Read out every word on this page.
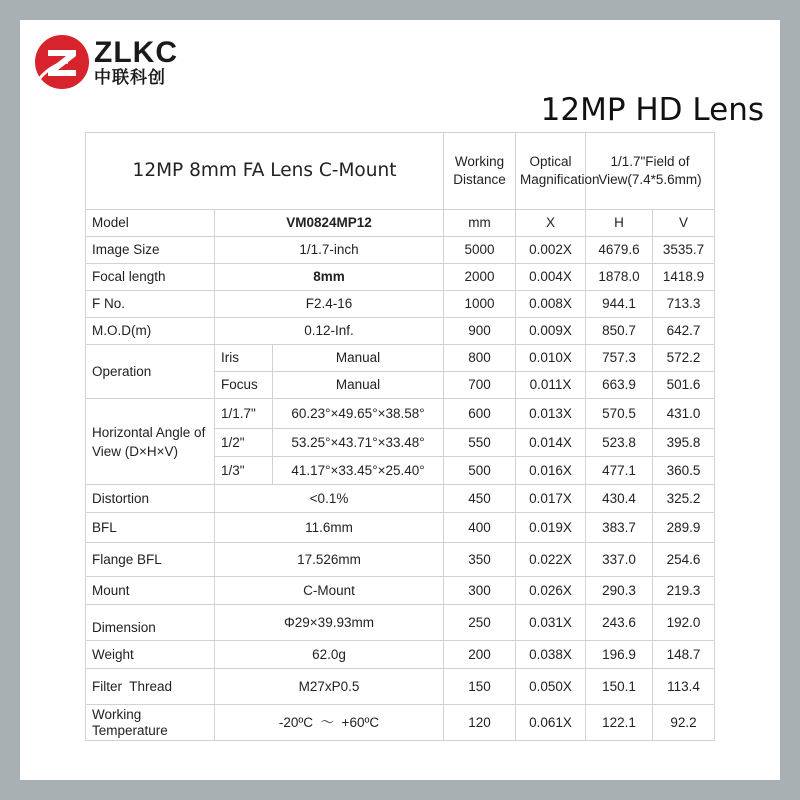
ZLKC
中联科创
12MP HD Lens
12MP 8mm FA Lens C-Mount			Working Distance	Optical Magnification	1/1.7"Field of View(7.4*5.6mm)	
Model	VM0824MP12		mm	X	H	V
Image Size	1/1.7-inch		5000	0.002X	4679.6	3535.7
Focal length	8mm		2000	0.004X	1878.0	1418.9
F No.	F2.4-16		1000	0.008X	944.1	713.3
M.O.D(m)	0.12-Inf.		900	0.009X	850.7	642.7
Operation	Iris	Manual	800	0.010X	757.3	572.2
	Focus	Manual	700	0.011X	663.9	501.6
Horizontal Angle of View (D×H×V)	1/1.7"	60.23°×49.65°×38.58°	600	0.013X	570.5	431.0
	1/2"	53.25°×43.71°×33.48°	550	0.014X	523.8	395.8
	1/3"	41.17°×33.45°×25.40°	500	0.016X	477.1	360.5
Distortion	<0.1%		450	0.017X	430.4	325.2
BFL	11.6mm		400	0.019X	383.7	289.9
Flange BFL	17.526mm		350	0.022X	337.0	254.6
Mount	C-Mount		300	0.026X	290.3	219.3
Dimension	Φ29×39.93mm		250	0.031X	243.6	192.0
Weight	62.0g		200	0.038X	196.9	148.7
Filter  Thread	M27xP0.5		150	0.050X	150.1	113.4
Working Temperature	-20ºC  ～  +60ºC		120	0.061X	122.1	92.2
